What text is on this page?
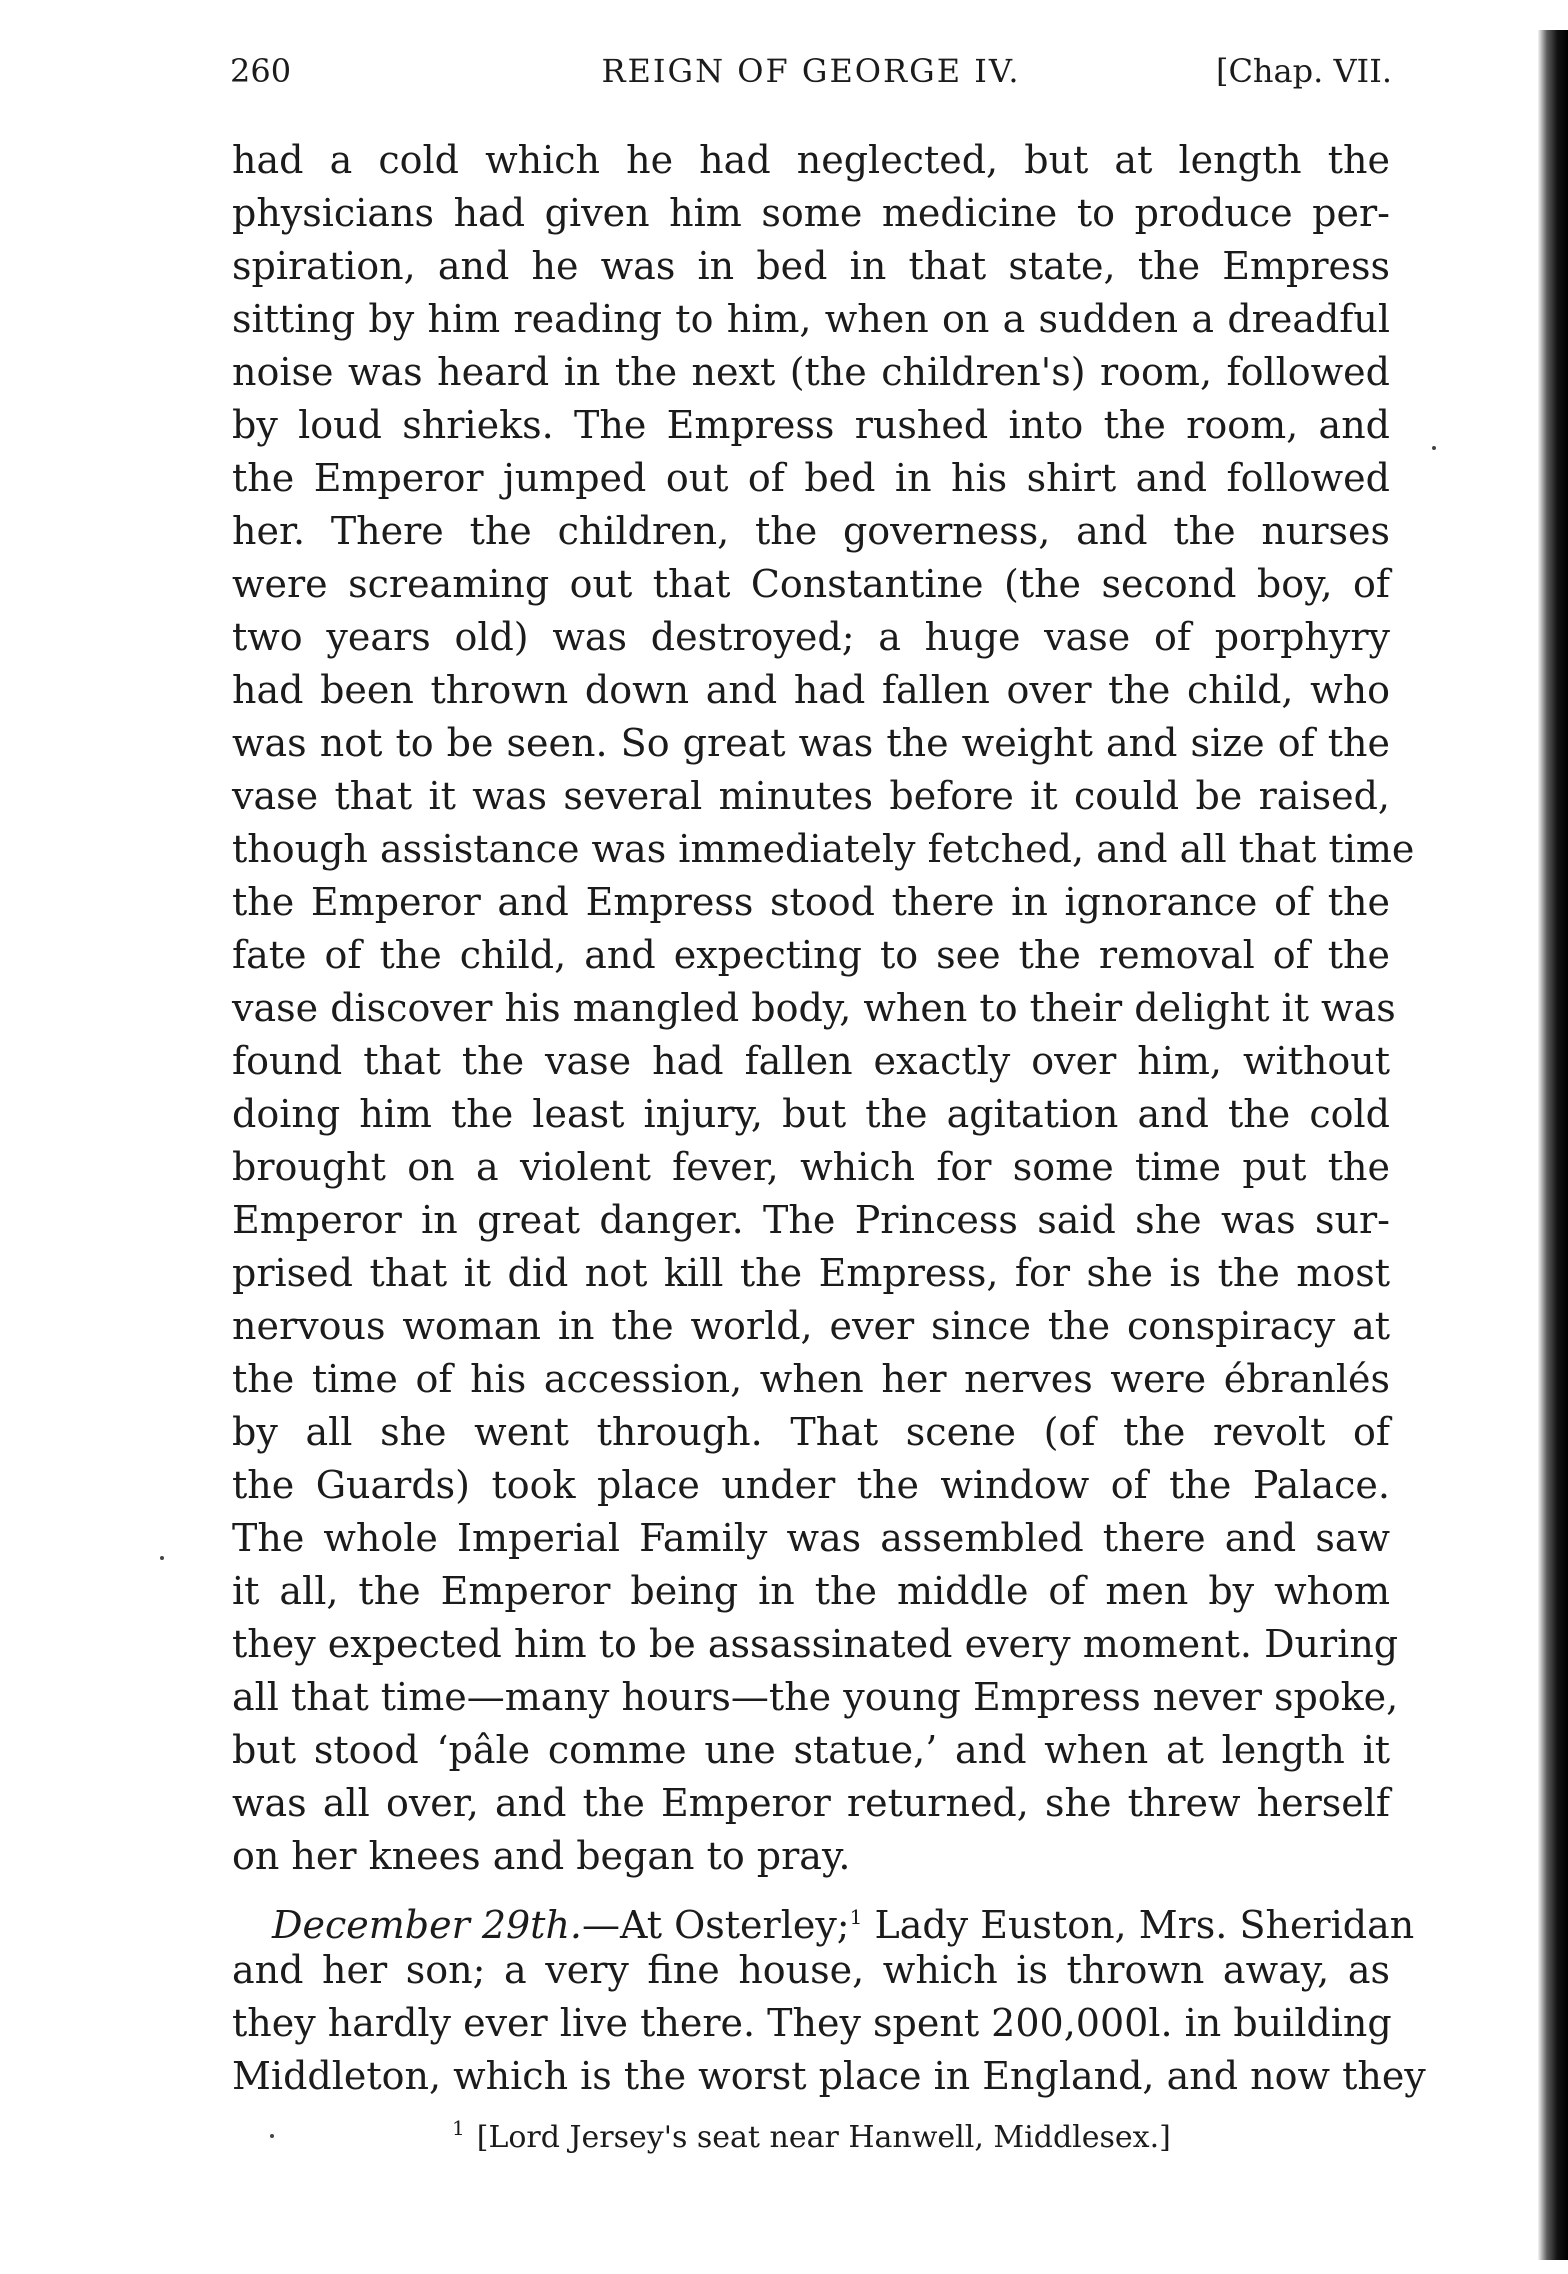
260	REIGN OF GEORGE IV.	[Chap. VII.
had a cold which he had neglected, but at length the
physicians had given him some medicine to produce per-
spiration, and he was in bed in that state, the Empress
sitting by him reading to him, when on a sudden a dreadful
noise was heard in the next (the children's) room, followed
by loud shrieks. The Empress rushed into the room, and
the Emperor jumped out of bed in his shirt and followed
her. There the children, the governess, and the nurses
were screaming out that Constantine (the second boy, of
two years old) was destroyed; a huge vase of porphyry
had been thrown down and had fallen over the child, who
was not to be seen. So great was the weight and size of the
vase that it was several minutes before it could be raised,
though assistance was immediately fetched, and all that time
the Emperor and Empress stood there in ignorance of the
fate of the child, and expecting to see the removal of the
vase discover his mangled body, when to their delight it was
found that the vase had fallen exactly over him, without
doing him the least injury, but the agitation and the cold
brought on a violent fever, which for some time put the
Emperor in great danger. The Princess said she was sur-
prised that it did not kill the Empress, for she is the most
nervous woman in the world, ever since the conspiracy at
the time of his accession, when her nerves were ébranlés
by all she went through. That scene (of the revolt of
the Guards) took place under the window of the Palace.
The whole Imperial Family was assembled there and saw
it all, the Emperor being in the middle of men by whom
they expected him to be assassinated every moment. During
all that time—many hours—the young Empress never spoke,
but stood ‘pâle comme une statue,’ and when at length it
was all over, and the Emperor returned, she threw herself
on her knees and began to pray.
December 29th.—At Osterley;$^1$ Lady Euston, Mrs. Sheridan
and her son; a very fine house, which is thrown away, as
they hardly ever live there. They spent 200,000l. in building
Middleton, which is the worst place in England, and now they
$^1$ [Lord Jersey's seat near Hanwell, Middlesex.]
